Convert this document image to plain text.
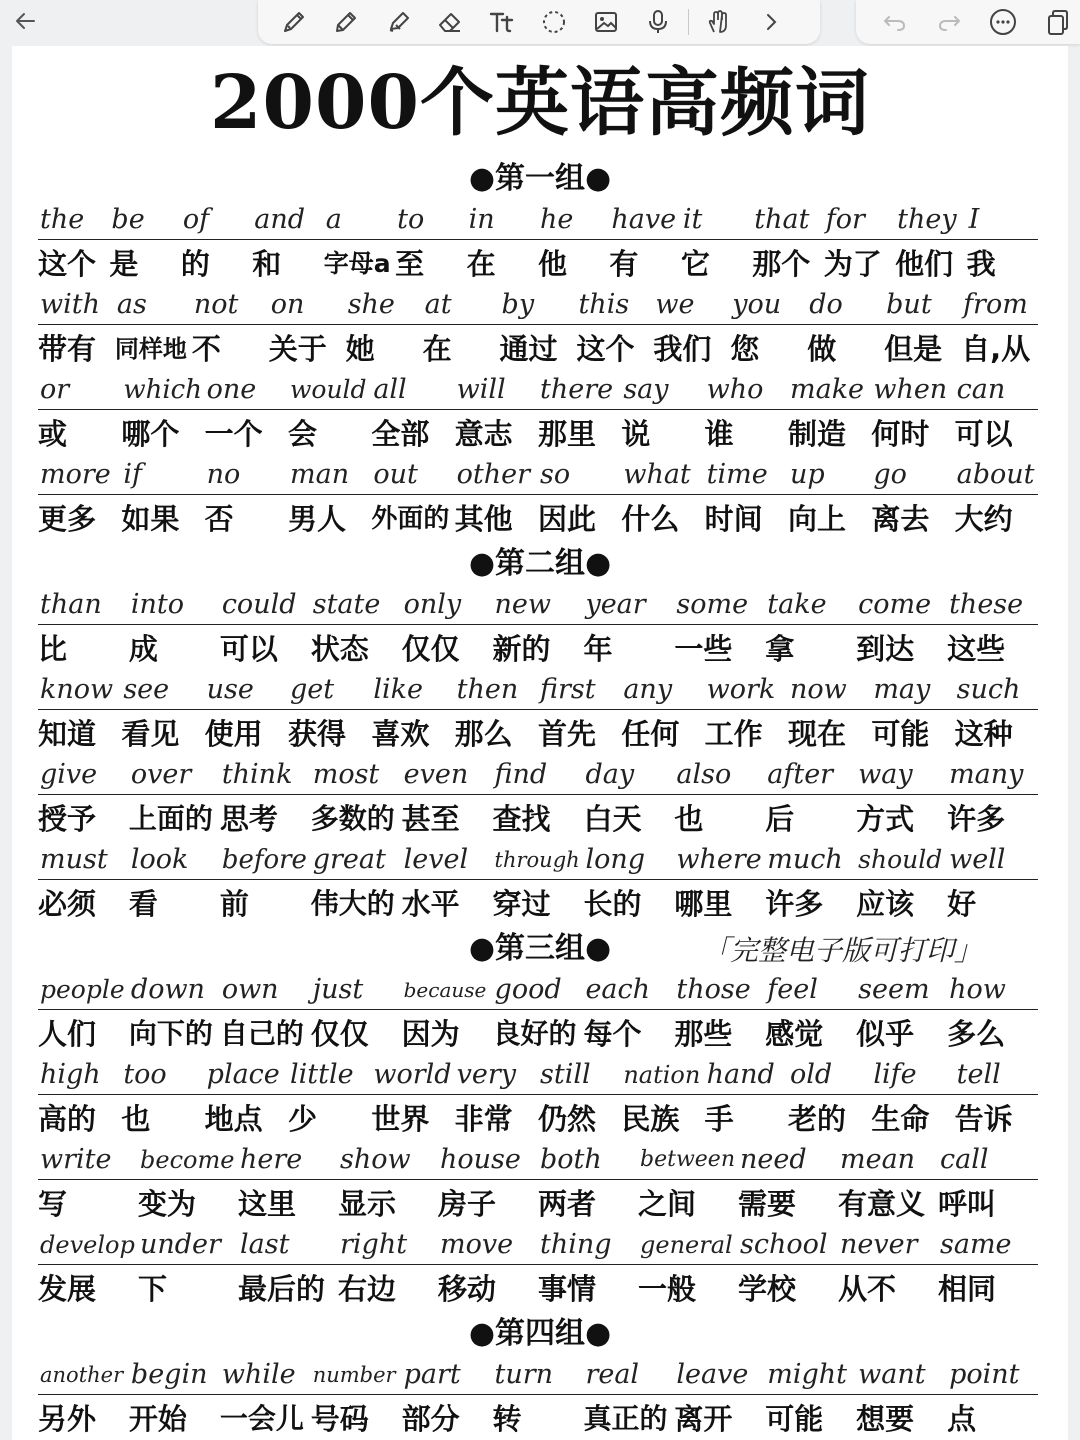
2000个英语高频词
●第一组●
the be of and a to in he have it that for they I
这个 是 的 和 字母a 至 在 他 有 它 那个 为了 他们 我
with as not on she at by this we you do but from
带有 同样地 不 关于 她 在 通过 这个 我们 您 做 但是 自,从
or which one would all will there say who make when can
或 哪个 一个 会 全部 意志 那里 说 谁 制造 何时 可以
more if no man out other so what time up go about
更多 如果 否 男人 外面的 其他 因此 什么 时间 向上 离去 大约
●第二组●
than into could state only new year some take come these
比 成 可以 状态 仅仅 新的 年 一些 拿 到达 这些
know see use get like then first any work now may such
知道 看见 使用 获得 喜欢 那么 首先 任何 工作 现在 可能 这种
give over think most even find day also after way many
授予 上面的 思考 多数的 甚至 查找 白天 也 后 方式 许多
must look before great level through long where much should well
必须 看 前 伟大的 水平 穿过 长的 哪里 许多 应该 好
●第三组●	「完整电子版可打印」
people down own just because good each those feel seem how
人们 向下的 自己的 仅仅 因为 良好的 每个 那些 感觉 似乎 多么
high too place little world very still nation hand old life tell
高的 也 地点 少 世界 非常 仍然 民族 手 老的 生命 告诉
write become here show house both between need mean call
写 变为 这里 显示 房子 两者 之间 需要 有意义 呼叫
develop under last right move thing general school never same
发展 下 最后的 右边 移动 事情 一般 学校 从不 相同
●第四组●
another begin while number part turn real leave might want point
另外 开始 一会儿 号码 部分 转 真正的 离开 可能 想要 点
